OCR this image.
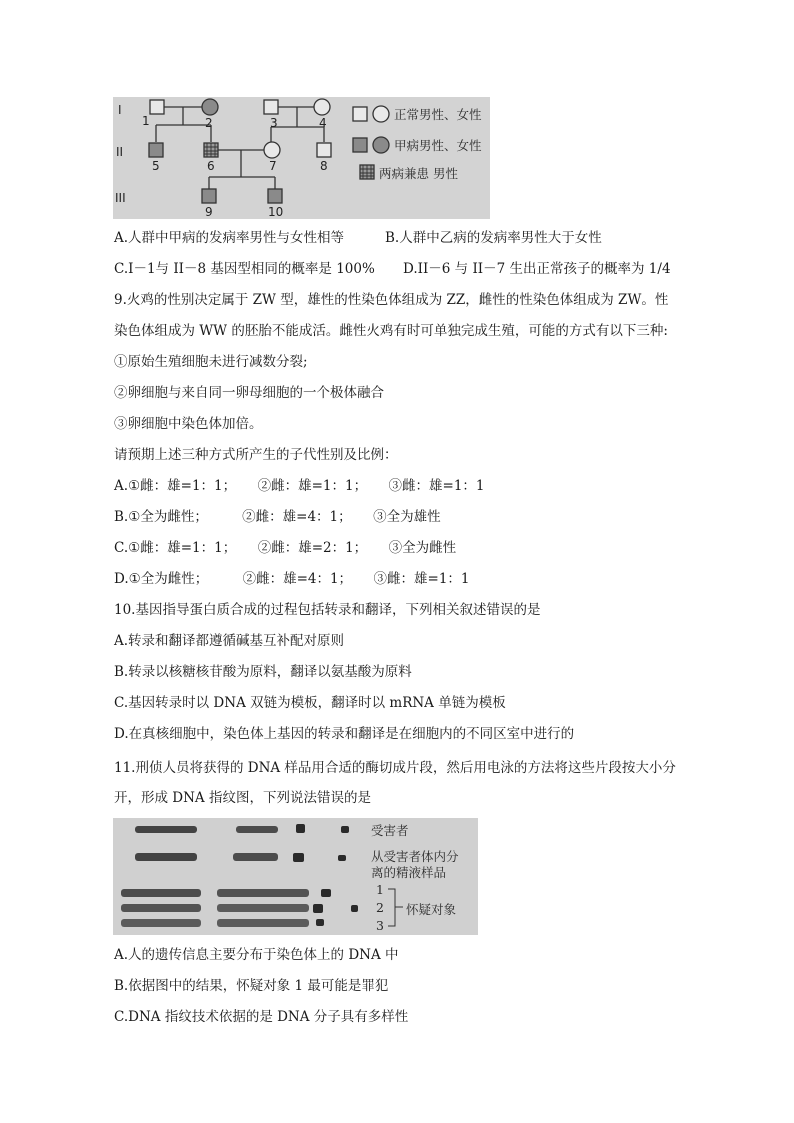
I
II
III
1	2	3	4
5	6	7	8
9	10
正常男性、女性
甲病男性、女性
两病兼患 男性
A.人群中甲病的发病率男性与女性相等	B.人群中乙病的发病率男性大于女性
C.I－1与 II－8 基因型相同的概率是 100% D.II－6 与 II－7 生出正常孩子的概率为 1/4
9.火鸡的性别决定属于 ZW 型，雄性的性染色体组成为 ZZ，雌性的性染色体组成为 ZW。性
染色体组成为 WW 的胚胎不能成活。雌性火鸡有时可单独完成生殖，可能的方式有以下三种:
①原始生殖细胞未进行减数分裂;
②卵细胞与来自同一卵母细胞的一个极体融合
③卵细胞中染色体加倍。
请预期上述三种方式所产生的子代性别及比例：
A.①雌：雄=1：1；     ②雌：雄=1：1；     ③雌：雄=1：1
B.①全为雌性；        ②雌：雄=4：1；     ③全为雄性
C.①雌：雄=1：1；     ②雌：雄=2：1；     ③全为雌性
D.①全为雌性；        ②雌：雄=4：1；     ③雌：雄=1：1
10.基因指导蛋白质合成的过程包括转录和翻译，下列相关叙述错误的是
A.转录和翻译都遵循碱基互补配对原则
B.转录以核糖核苷酸为原料，翻译以氨基酸为原料
C.基因转录时以 DNA 双链为模板，翻译时以 mRNA 单链为模板
D.在真核细胞中，染色体上基因的转录和翻译是在细胞内的不同区室中进行的
11.刑侦人员将获得的 DNA 样品用合适的酶切成片段，然后用电泳的方法将这些片段按大小分
开，形成 DNA 指纹图，下列说法错误的是
受害者
从受害者体内分
离的精液样品
1
2
3
怀疑对象
A.人的遗传信息主要分布于染色体上的 DNA 中
B.依据图中的结果，怀疑对象 1 最可能是罪犯
C.DNA 指纹技术依据的是 DNA 分子具有多样性
